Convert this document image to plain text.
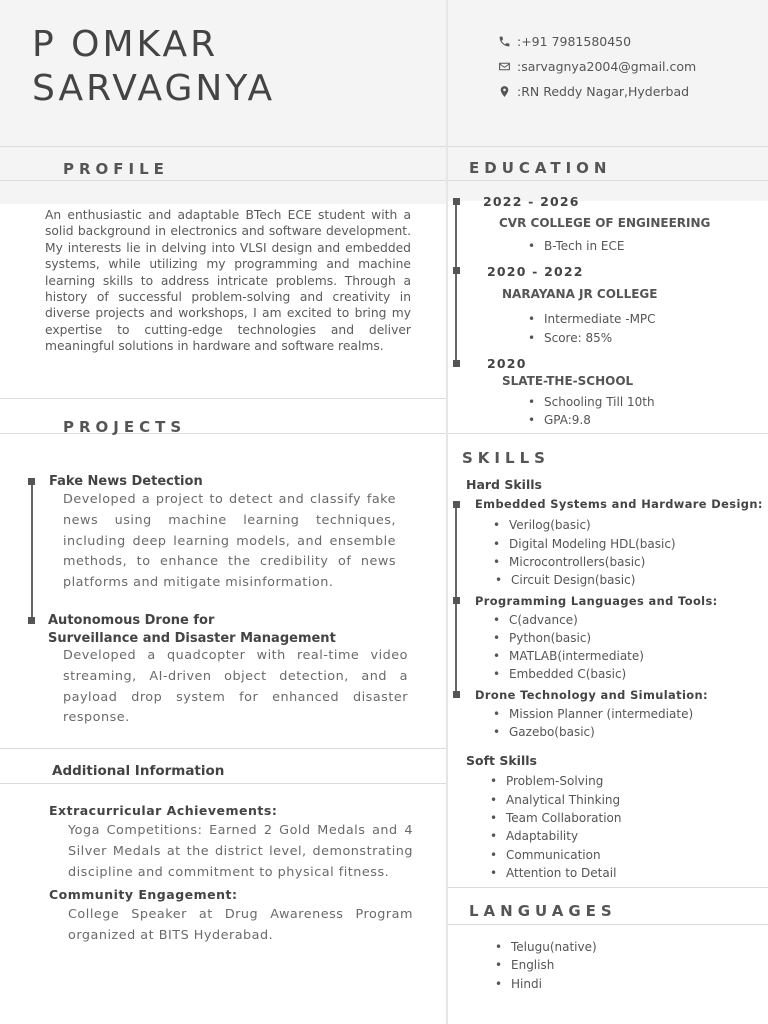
P OMKAR
SARVAGNYA
:+91 7981580450
:sarvagnya2004@gmail.com
:RN Reddy Nagar,Hyderbad
PROFILE
An enthusiastic and adaptable BTech ECE student with a solid background in electronics and software development. My interests lie in delving into VLSI design and embedded systems, while utilizing my programming and machine learning skills to address intricate problems. Through a history of successful problem-solving and creativity in diverse projects and workshops, I am excited to bring my expertise to cutting-edge technologies and deliver meaningful solutions in hardware and software realms.
EDUCATION
2022 - 2026
CVR COLLEGE OF ENGINEERING
• B-Tech in ECE
2020 - 2022
NARAYANA JR COLLEGE
• Intermediate -MPC
• Score: 85%
2020
SLATE-THE-SCHOOL
• Schooling Till 10th
• GPA:9.8
PROJECTS
Fake News Detection
Developed a project to detect and classify fake news using machine learning techniques, including deep learning models, and ensemble methods, to enhance the credibility of news platforms and mitigate misinformation.
Autonomous Drone for
Surveillance and Disaster Management
Developed a quadcopter with real-time video streaming, AI-driven object detection, and a payload drop system for enhanced disaster response.
SKILLS
Hard Skills
Embedded Systems and Hardware Design:
• Verilog(basic)
• Digital Modeling HDL(basic)
• Microcontrollers(basic)
• Circuit Design(basic)
Programming Languages and Tools:
• C(advance)
• Python(basic)
• MATLAB(intermediate)
• Embedded C(basic)
Drone Technology and Simulation:
• Mission Planner (intermediate)
• Gazebo(basic)
Soft Skills
• Problem-Solving
• Analytical Thinking
• Team Collaboration
• Adaptability
• Communication
• Attention to Detail
Additional Information
Extracurricular Achievements:
Yoga Competitions: Earned 2 Gold Medals and 4 Silver Medals at the district level, demonstrating discipline and commitment to physical fitness.
Community Engagement:
College Speaker at Drug Awareness Program organized at BITS Hyderabad.
LANGUAGES
• Telugu(native)
• English
• Hindi
